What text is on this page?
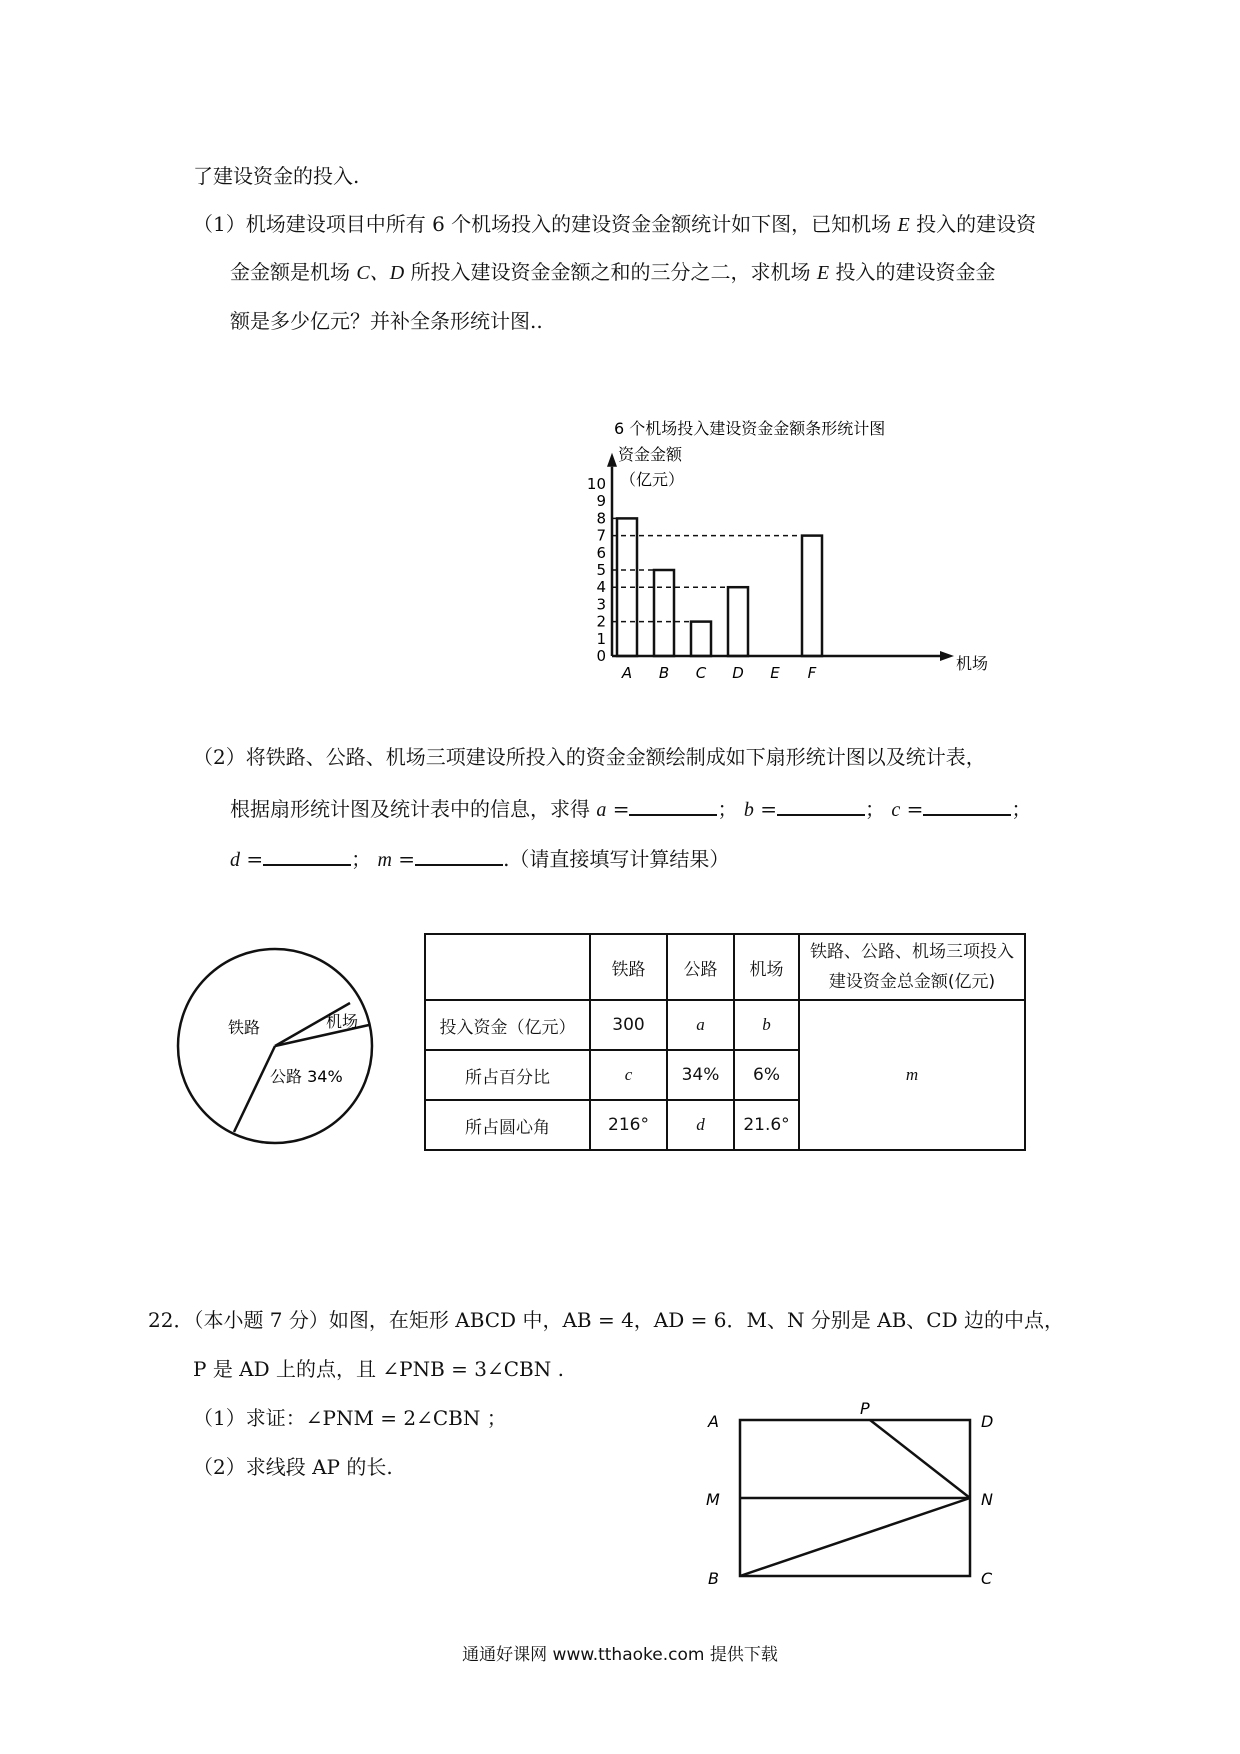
了建设资金的投入.
（1）机场建设项目中所有 6 个机场投入的建设资金金额统计如下图，已知机场 E 投入的建设资
金金额是机场 C、D 所投入建设资金金额之和的三分之二，求机场 E 投入的建设资金金
额是多少亿元？并补全条形统计图..
6 个机场投入建设资金金额条形统计图
资金金额
（亿元）
机场
0
1
2
3
4
5
6
7
8
9
10
A B C D E F
（2）将铁路、公路、机场三项建设所投入的资金金额绘制成如下扇形统计图以及统计表，
根据扇形统计图及统计表中的信息，求得 a =	； b =	； c =	；
d =	； m =	.（请直接填写计算结果）
铁路	机场
公路 34%
	铁路	公路	机场	铁路、公路、机场三项投入建设资金总金额(亿元)
投入资金（亿元）	300	a	b	m
所占百分比	c	34%	6%	
所占圆心角	216°	d	21.6°	
22．（本小题 7 分）如图，在矩形 ABCD 中，AB = 4，AD = 6．M、N 分别是 AB、CD 边的中点，
P 是 AD 上的点，且 ∠PNB = 3∠CBN .
（1）求证：∠PNM = 2∠CBN ；
（2）求线段 AP 的长.
A	D
M	N
B	C
P
通通好课网 www.tthaoke.com 提供下载
